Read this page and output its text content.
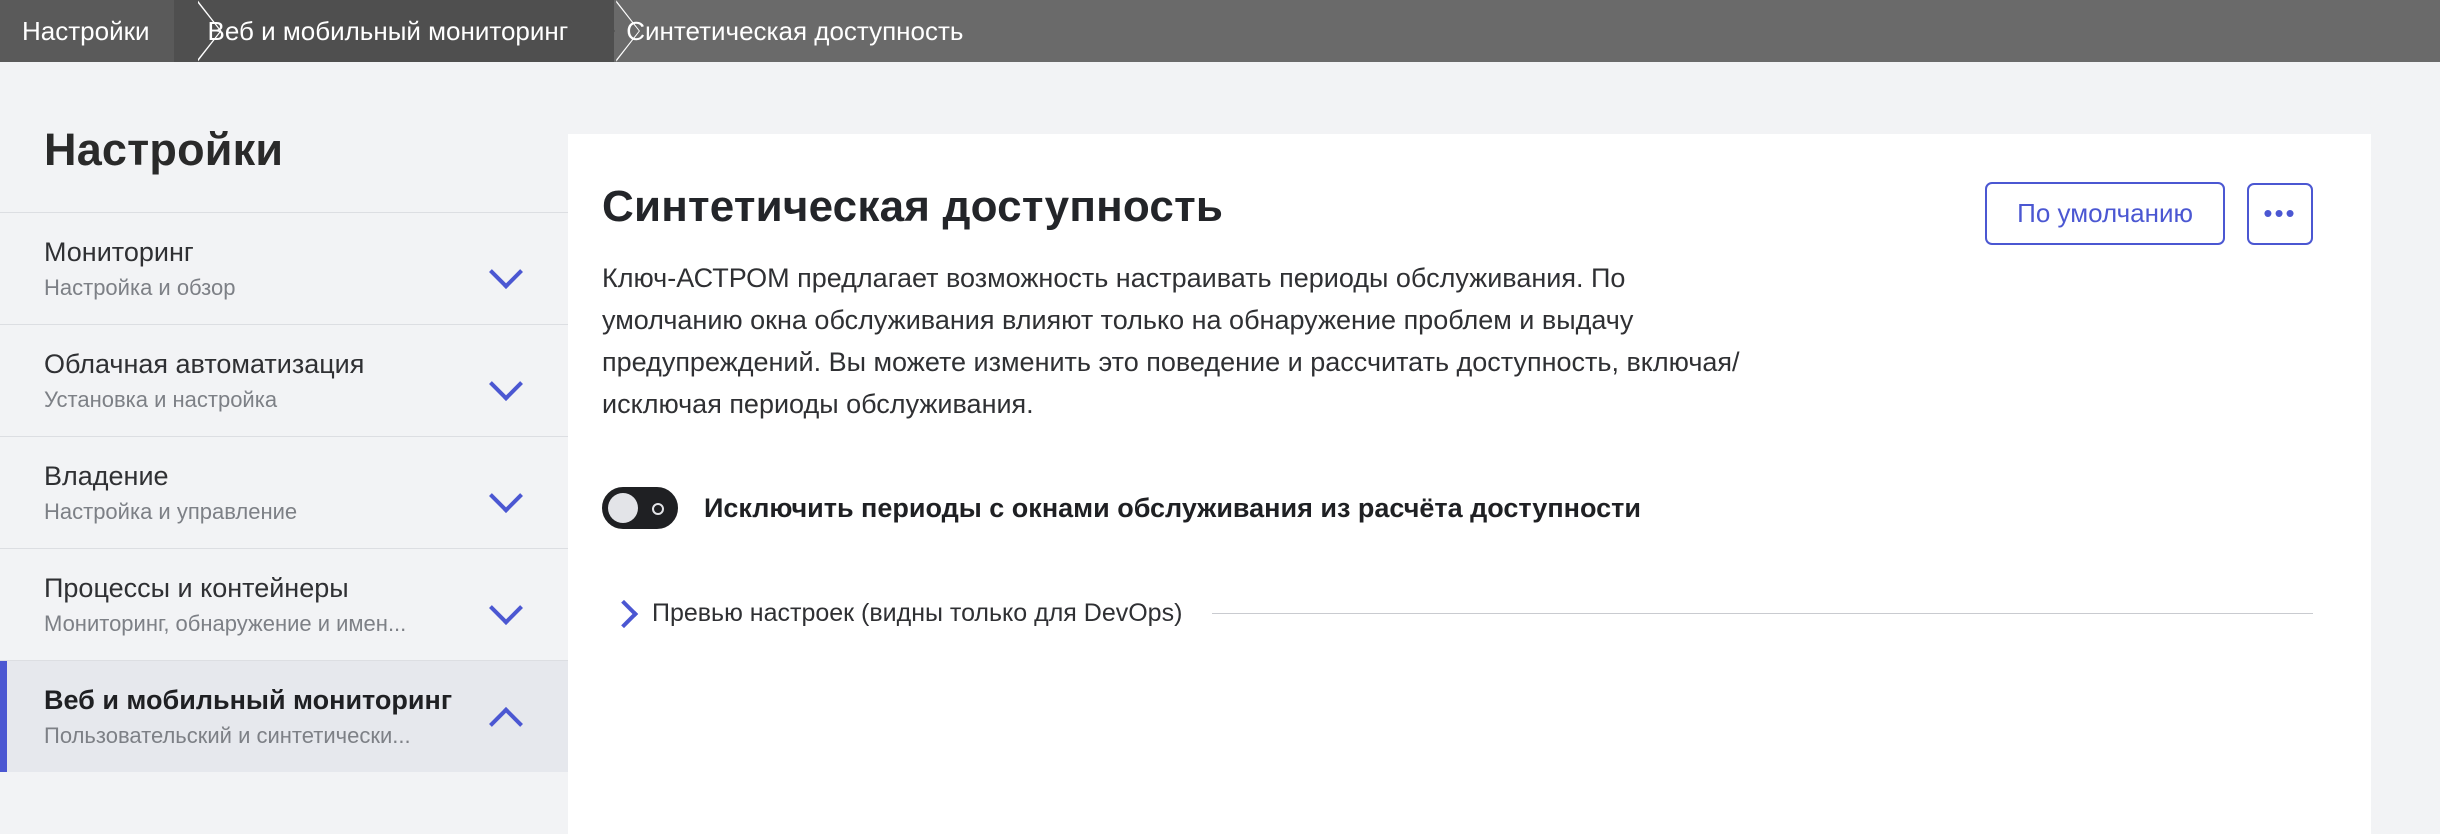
Настройки Веб и мобильный мониторинг Синтетическая доступность
Настройки
Мониторинг
Настройка и обзор
Облачная автоматизация
Установка и настройка
Владение
Настройка и управление
Процессы и контейнеры
Мониторинг, обнаружение и имен...
Веб и мобильный мониторинг
Пользовательский и синтетически...
Синтетическая доступность	По умолчанию	•••

Ключ-АСТРОМ предлагает возможность настраивать периоды обслуживания. По умолчанию окна обслуживания влияют только на обнаружение проблем и выдачу предупреждений. Вы можете изменить это поведение и рассчитать доступность, включая/исключая периоды обслуживания.

Исключить периоды с окнами обслуживания из расчёта доступности
Превью настроек (видны только для DevOps)
